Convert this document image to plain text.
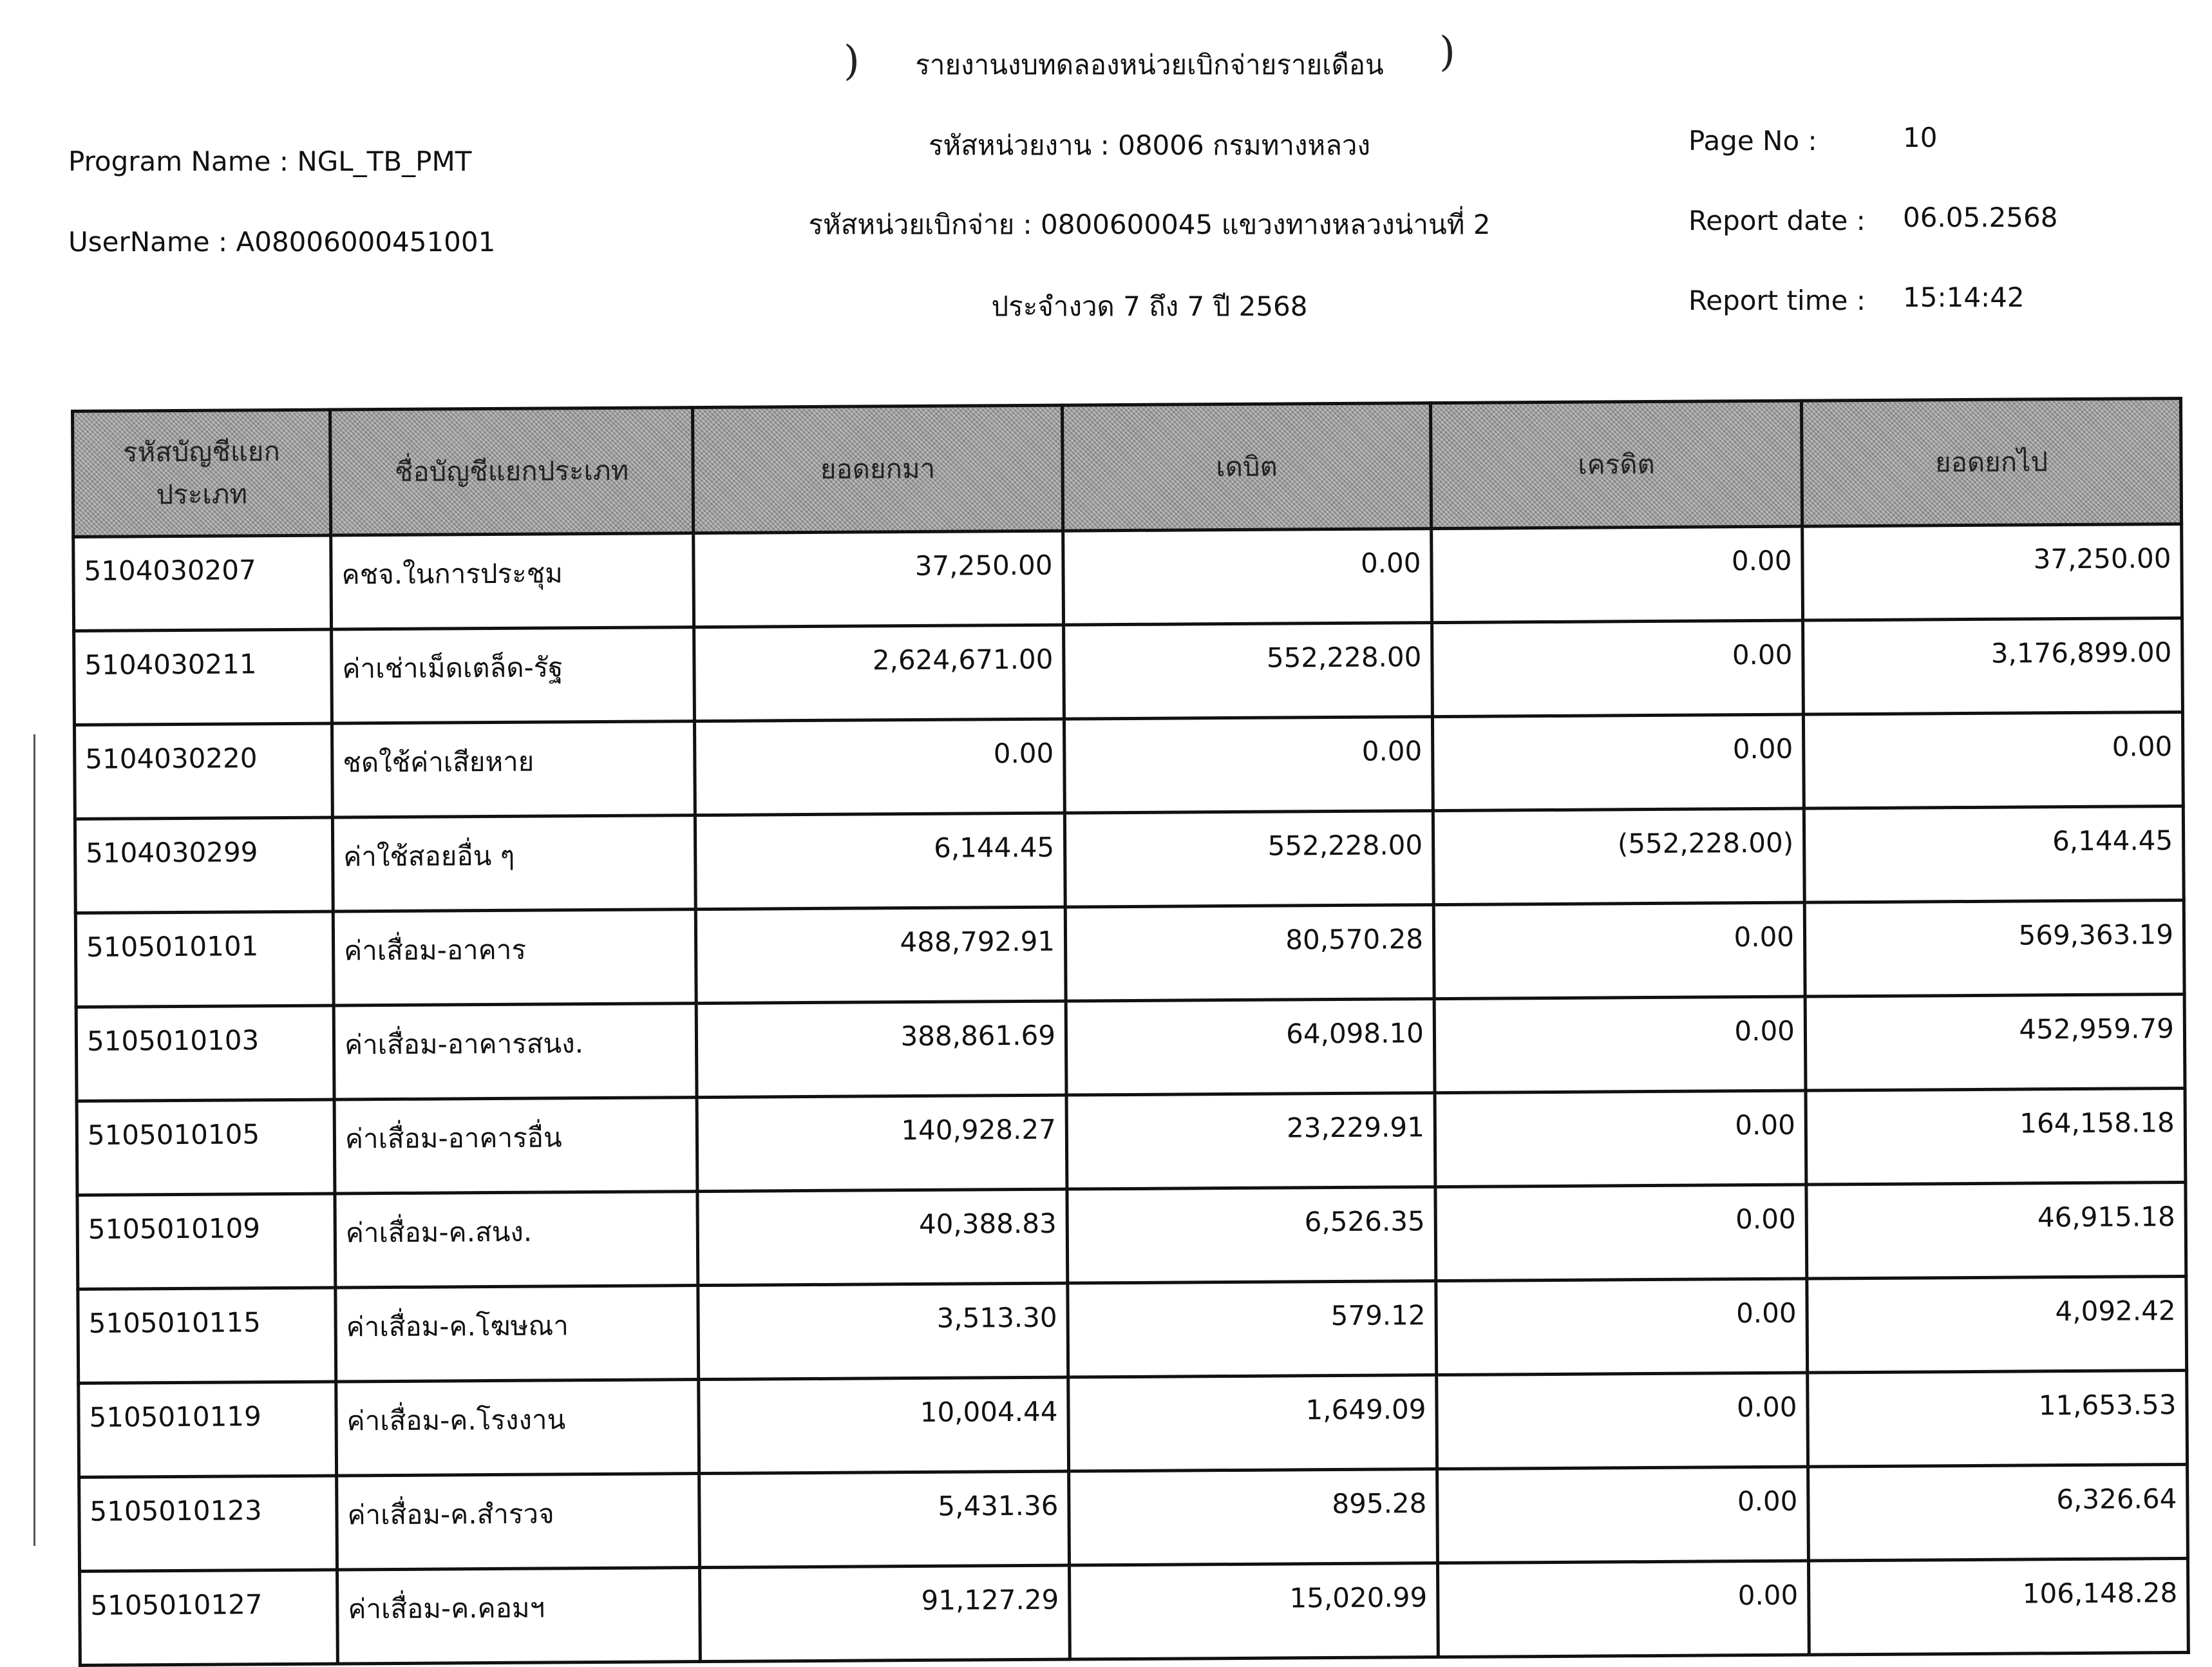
)	)
รายงานงบทดลองหน่วยเบิกจ่ายรายเดือน
Program Name : NGL_TB_PMT
UserName : A08006000451001
รหัสหน่วยงาน : 08006 กรมทางหลวง
รหัสหน่วยเบิกจ่าย : 0800600045 แขวงทางหลวงน่านที่ 2
ประจำงวด 7 ถึง 7 ปี 2568
Page No :	10
Report date : 06.05.2568
Report time : 15:14:42
รหัสบัญชีแยกประเภท	ชื่อบัญชีแยกประเภท	ยอดยกมา	เดบิต	เครดิต	ยอดยกไป
5104030207	คชจ.ในการประชุม	37,250.00	0.00	0.00	37,250.00
5104030211	ค่าเช่าเม็ดเตล็ด-รัฐ	2,624,671.00	552,228.00	0.00	3,176,899.00
5104030220	ชดใช้ค่าเสียหาย	0.00	0.00	0.00	0.00
5104030299	ค่าใช้สอยอื่น ๆ	6,144.45	552,228.00	(552,228.00)	6,144.45
5105010101	ค่าเสื่อม-อาคาร	488,792.91	80,570.28	0.00	569,363.19
5105010103	ค่าเสื่อม-อาคารสนง.	388,861.69	64,098.10	0.00	452,959.79
5105010105	ค่าเสื่อม-อาคารอื่น	140,928.27	23,229.91	0.00	164,158.18
5105010109	ค่าเสื่อม-ค.สนง.	40,388.83	6,526.35	0.00	46,915.18
5105010115	ค่าเสื่อม-ค.โฆษณา	3,513.30	579.12	0.00	4,092.42
5105010119	ค่าเสื่อม-ค.โรงงาน	10,004.44	1,649.09	0.00	11,653.53
5105010123	ค่าเสื่อม-ค.สำรวจ	5,431.36	895.28	0.00	6,326.64
5105010127	ค่าเสื่อม-ค.คอมฯ	91,127.29	15,020.99	0.00	106,148.28
